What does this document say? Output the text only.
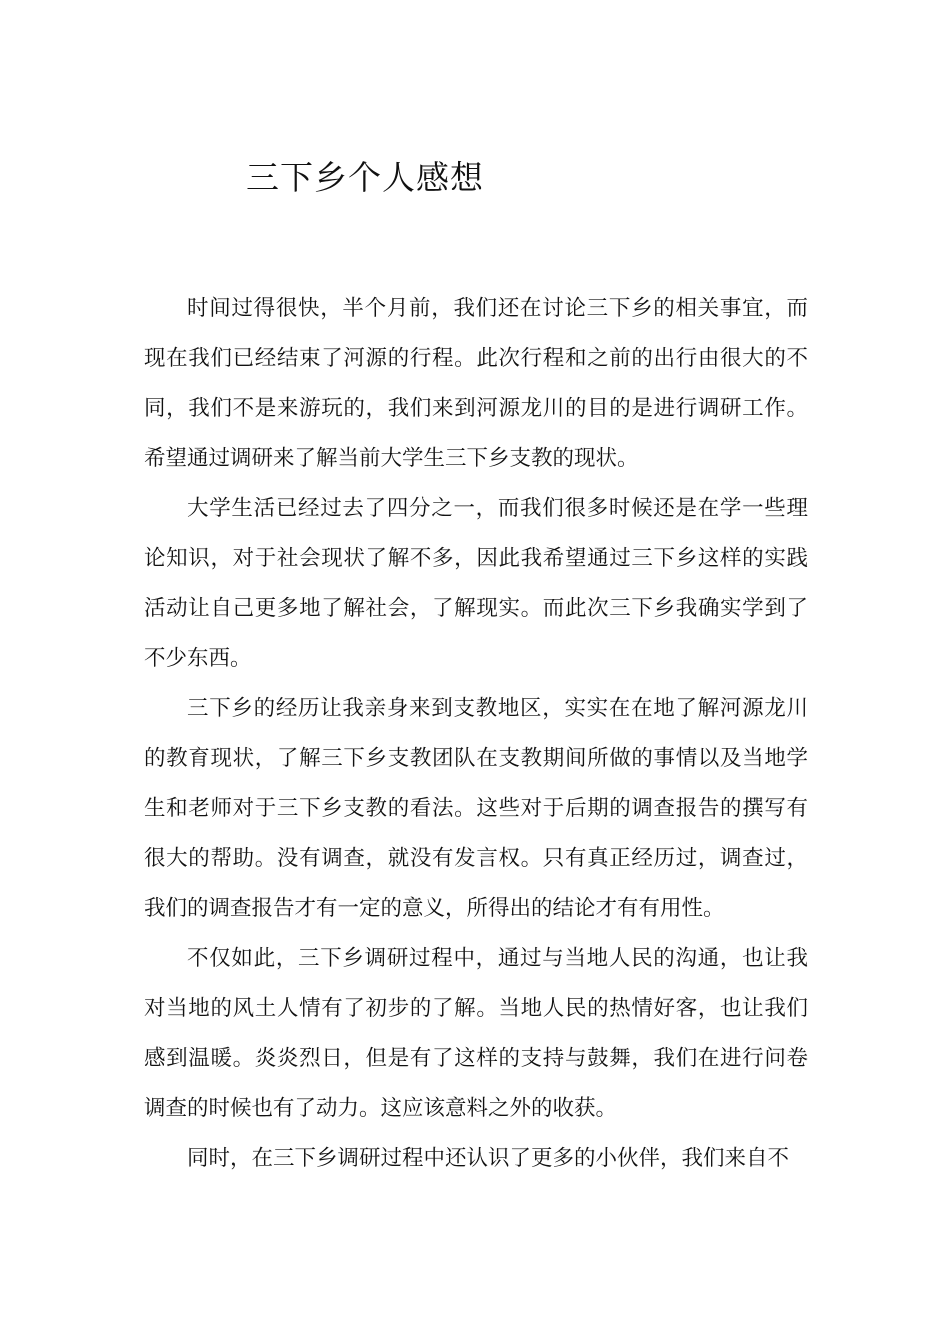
三下乡个人感想

时间过得很快，半个月前，我们还在讨论三下乡的相关事宜，而现在我们已经结束了河源的行程。此次行程和之前的出行由很大的不同，我们不是来游玩的，我们来到河源龙川的目的是进行调研工作。希望通过调研来了解当前大学生三下乡支教的现状。

大学生活已经过去了四分之一，而我们很多时候还是在学一些理论知识，对于社会现状了解不多，因此我希望通过三下乡这样的实践活动让自己更多地了解社会，了解现实。而此次三下乡我确实学到了不少东西。

三下乡的经历让我亲身来到支教地区，实实在在地了解河源龙川的教育现状，了解三下乡支教团队在支教期间所做的事情以及当地学生和老师对于三下乡支教的看法。这些对于后期的调查报告的撰写有很大的帮助。没有调查，就没有发言权。只有真正经历过，调查过，我们的调查报告才有一定的意义，所得出的结论才有有用性。

不仅如此，三下乡调研过程中，通过与当地人民的沟通，也让我对当地的风土人情有了初步的了解。当地人民的热情好客，也让我们感到温暖。炎炎烈日，但是有了这样的支持与鼓舞，我们在进行问卷调查的时候也有了动力。这应该意料之外的收获。

同时，在三下乡调研过程中还认识了更多的小伙伴，我们来自不
